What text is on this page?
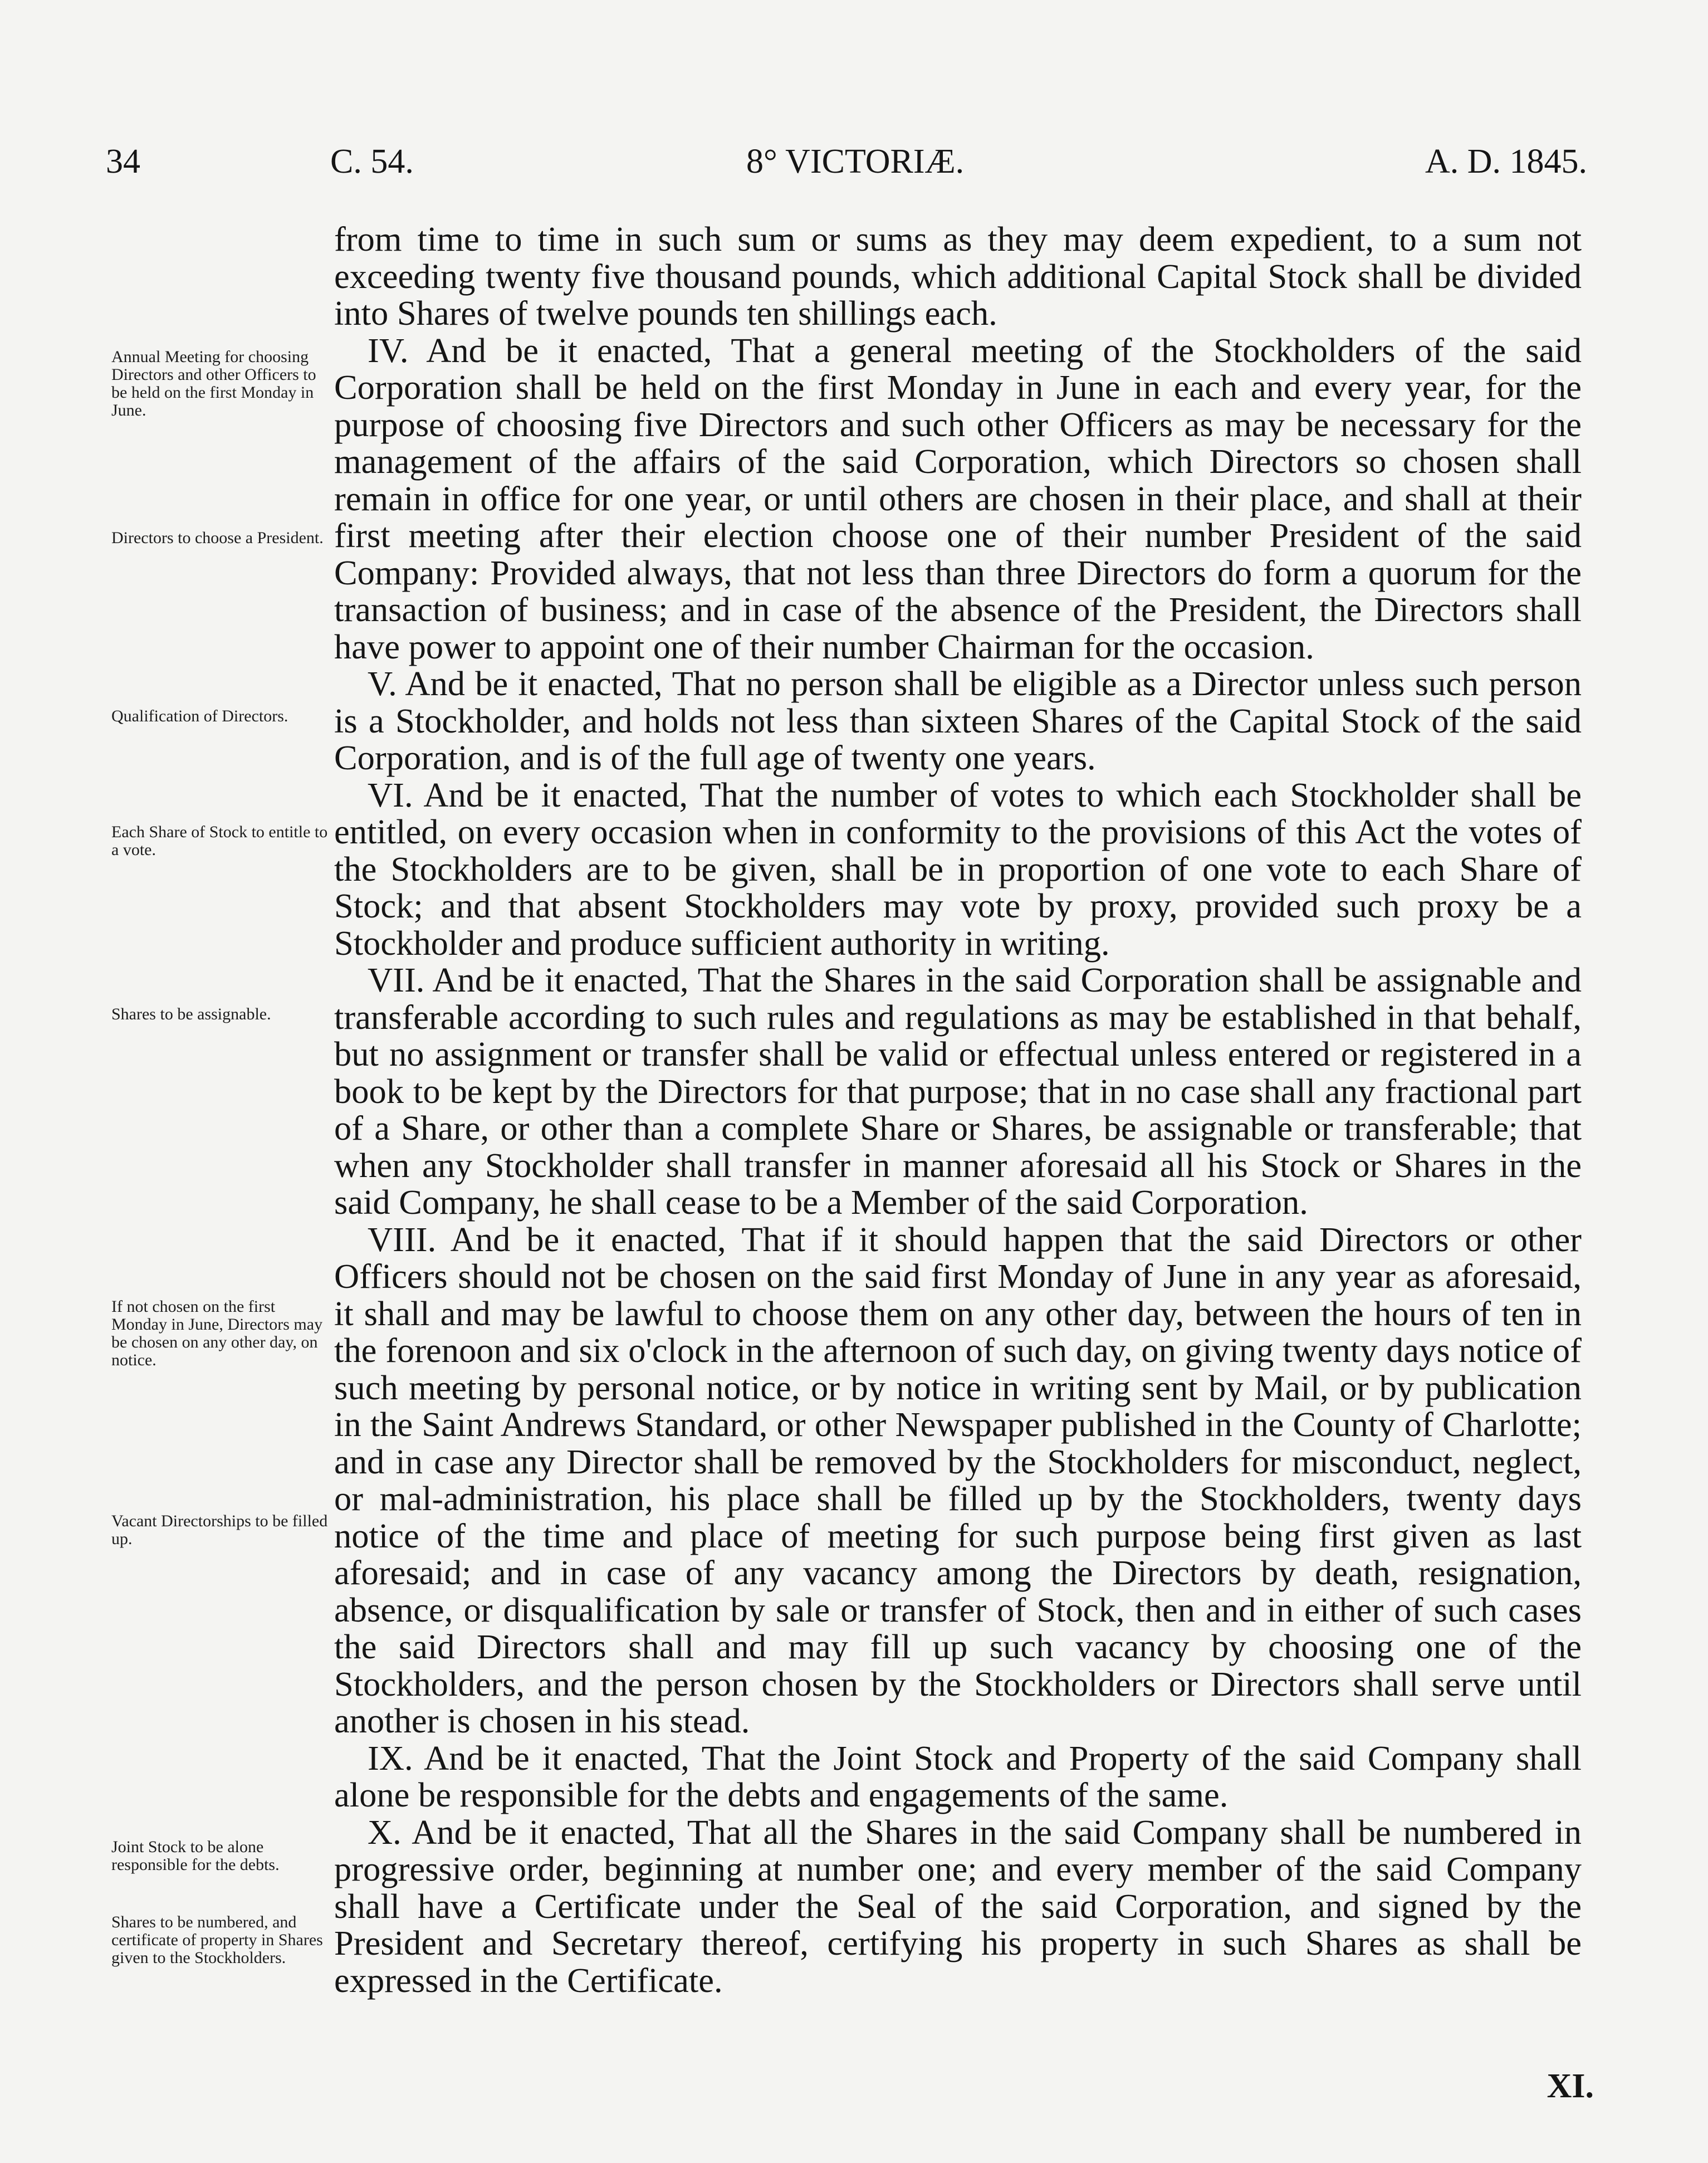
34	C. 54.	8° VICTORIÆ.	A. D. 1845.

from time to time in such sum or sums as they may deem expedient, to a sum not exceeding twenty five thousand pounds, which additional Capital Stock shall be divided into Shares of twelve pounds ten shillings each.

IV. And be it enacted, That a general meeting of the Stockholders of the said Corporation shall be held on the first Monday in June in each and every year, for the purpose of choosing five Directors and such other Officers as may be necessary for the management of the affairs of the said Corporation, which Directors so chosen shall remain in office for one year, or until others are chosen in their place, and shall at their first meeting after their election choose one of their number President of the said Company: Provided always, that not less than three Directors do form a quorum for the transaction of business; and in case of the absence of the President, the Directors shall have power to appoint one of their number Chairman for the occasion.

V. And be it enacted, That no person shall be eligible as a Director unless such person is a Stockholder, and holds not less than sixteen Shares of the Capital Stock of the said Corporation, and is of the full age of twenty one years.

VI. And be it enacted, That the number of votes to which each Stockholder shall be entitled, on every occasion when in conformity to the provisions of this Act the votes of the Stockholders are to be given, shall be in proportion of one vote to each Share of Stock; and that absent Stockholders may vote by proxy, provided such proxy be a Stockholder and produce sufficient authority in writing.

VII. And be it enacted, That the Shares in the said Corporation shall be assignable and transferable according to such rules and regulations as may be established in that behalf, but no assignment or transfer shall be valid or effectual unless entered or registered in a book to be kept by the Directors for that purpose; that in no case shall any fractional part of a Share, or other than a complete Share or Shares, be assignable or transferable; that when any Stockholder shall transfer in manner aforesaid all his Stock or Shares in the said Company, he shall cease to be a Member of the said Corporation.

VIII. And be it enacted, That if it should happen that the said Directors or other Officers should not be chosen on the said first Monday of June in any year as aforesaid, it shall and may be lawful to choose them on any other day, between the hours of ten in the forenoon and six o'clock in the afternoon of such day, on giving twenty days notice of such meeting by personal notice, or by notice in writing sent by Mail, or by publication in the Saint Andrews Standard, or other Newspaper published in the County of Charlotte; and in case any Director shall be removed by the Stockholders for misconduct, neglect, or mal-administration, his place shall be filled up by the Stockholders, twenty days notice of the time and place of meeting for such purpose being first given as last aforesaid; and in case of any vacancy among the Directors by death, resignation, absence, or disqualification by sale or transfer of Stock, then and in either of such cases the said Directors shall and may fill up such vacancy by choosing one of the Stockholders, and the person chosen by the Stockholders or Directors shall serve until another is chosen in his stead.

IX. And be it enacted, That the Joint Stock and Property of the said Company shall alone be responsible for the debts and engagements of the same.

X. And be it enacted, That all the Shares in the said Company shall be numbered in progressive order, beginning at number one; and every member of the said Company shall have a Certificate under the Seal of the said Corporation, and signed by the President and Secretary thereof, certifying his property in such Shares as shall be expressed in the Certificate.

Annual Meeting for choosing Directors and other Officers to be held on the first Monday in June.
Directors to choose a President.
Qualification of Directors.
Each Share of Stock to entitle to a vote.
Shares to be assignable.
If not chosen on the first Monday in June, Directors may be chosen on any other day, on notice.
Vacant Directorships to be filled up.
Joint Stock to be alone responsible for the debts.
Shares to be numbered, and certificate of property in Shares given to the Stockholders.
XI.
